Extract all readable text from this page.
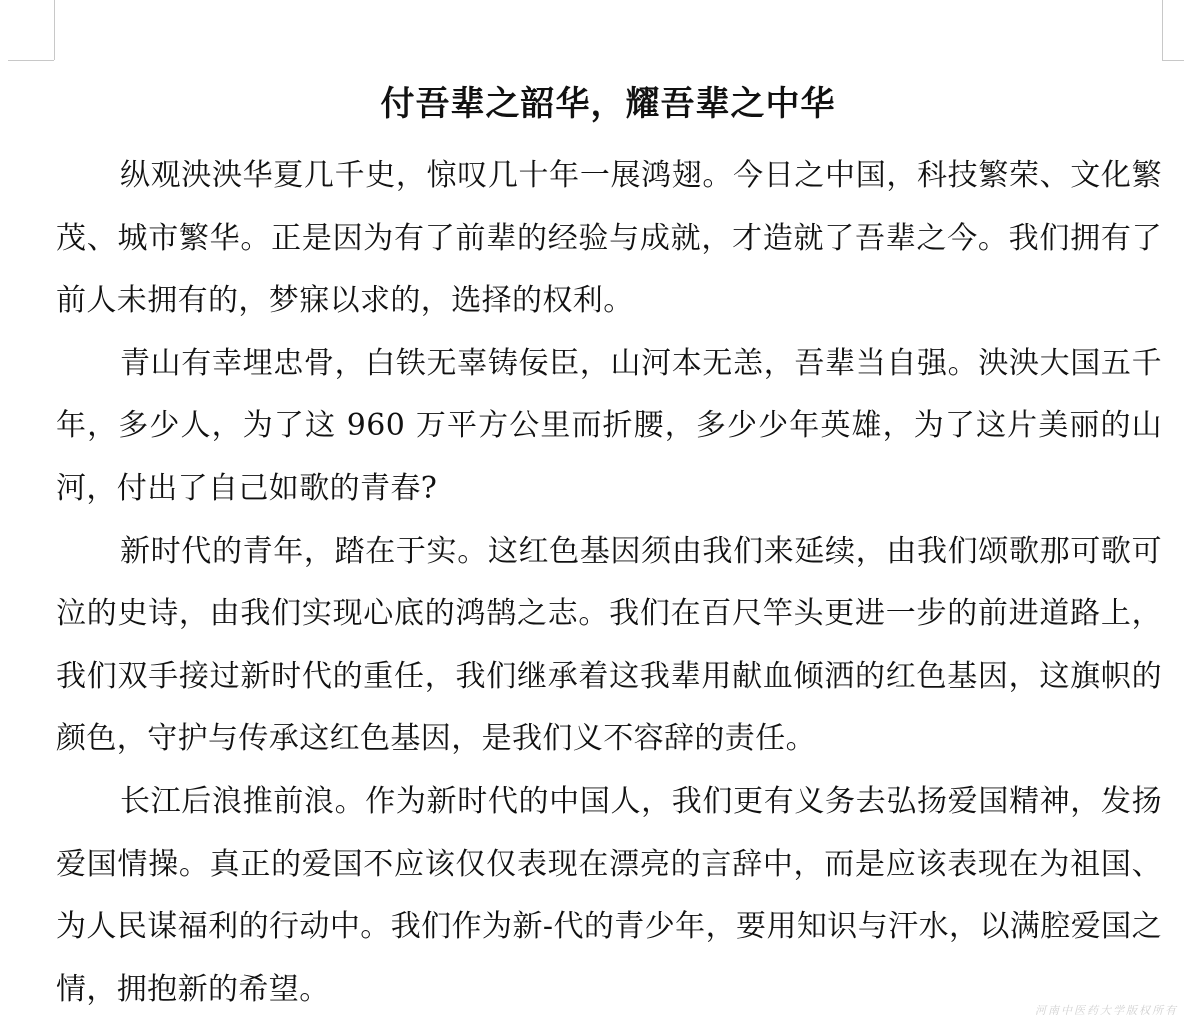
付吾辈之韶华，耀吾辈之中华

纵观泱泱华夏几千史，惊叹几十年一展鸿翅。今日之中国，科技繁荣、文化繁茂、城市繁华。正是因为有了前辈的经验与成就，才造就了吾辈之今。我们拥有了前人未拥有的，梦寐以求的，选择的权利。

青山有幸埋忠骨，白铁无辜铸佞臣，山河本无恙，吾辈当自强。泱泱大国五千年，多少人，为了这 960 万平方公里而折腰，多少少年英雄，为了这片美丽的山河，付出了自己如歌的青春?

新时代的青年，踏在于实。这红色基因须由我们来延续，由我们颂歌那可歌可泣的史诗，由我们实现心底的鸿鹄之志。我们在百尺竿头更进一步的前进道路上，我们双手接过新时代的重任，我们继承着这我辈用献血倾洒的红色基因，这旗帜的颜色，守护与传承这红色基因，是我们义不容辞的责任。

长江后浪推前浪。作为新时代的中国人，我们更有义务去弘扬爱国精神，发扬爱国情操。真正的爱国不应该仅仅表现在漂亮的言辞中，而是应该表现在为祖国、为人民谋福利的行动中。我们作为新-代的青少年，要用知识与汗水，以满腔爱国之情，拥抱新的希望。

河南中医药大学版权所有
